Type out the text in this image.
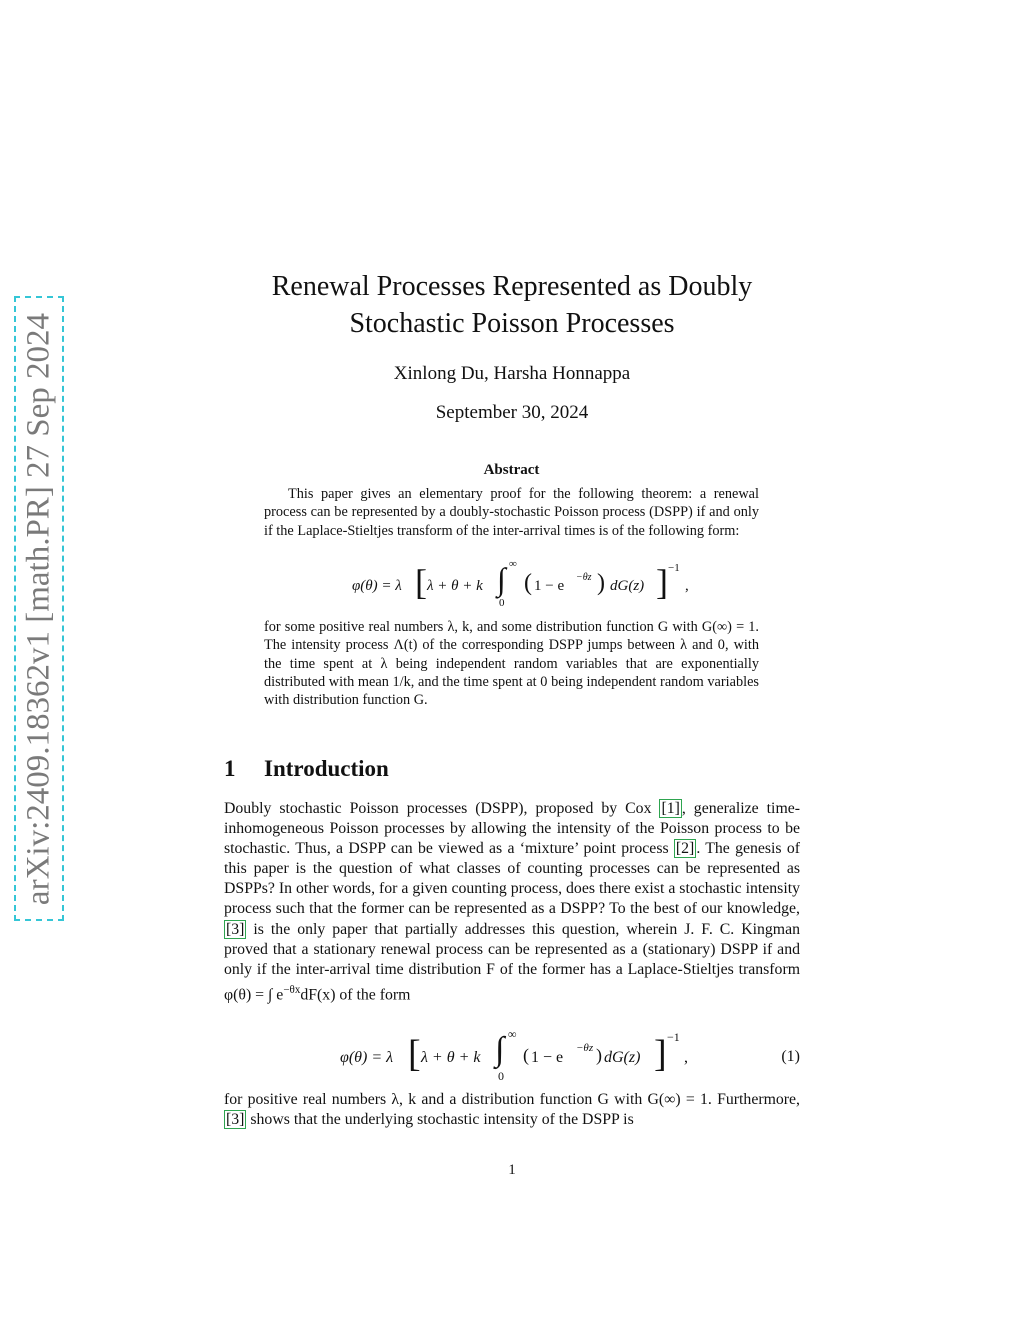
arXiv:2409.18362v1 [math.PR] 27 Sep 2024
Renewal Processes Represented as Doubly
Stochastic Poisson Processes
Xinlong Du, Harsha Honnappa
September 30, 2024
Abstract
This paper gives an elementary proof for the following theorem: a renewal process can be represented by a doubly-stochastic Poisson process (DSPP) if and only if the Laplace-Stieltjes transform of the inter-arrival times is of the following form:
φ(θ) = λ [ λ + θ + k ∫ ∞
0
( 1 − e
−θz ) dG(z) ] −1
,
for some positive real numbers λ, k, and some distribution function G with G(∞) = 1. The intensity process Λ(t) of the corresponding DSPP jumps between λ and 0, with the time spent at λ being independent random variables that are exponentially distributed with mean 1/k, and the time spent at 0 being independent random variables with distribution function G.
1 Introduction
Doubly stochastic Poisson processes (DSPP), proposed by Cox [1] , generalize time-inhomogeneous Poisson processes by allowing the intensity of the Poisson process to be stochastic. Thus, a DSPP can be viewed as a ‘mixture’ point process [2] . The genesis of this paper is the question of what classes of counting processes can be represented as DSPPs? In other words, for a given counting process, does there exist a stochastic intensity process such that the former can be represented as a DSPP? To the best of our knowledge, [3] is the only paper that partially addresses this question, wherein J. F. C. Kingman proved that a stationary renewal process can be represented as a (stationary) DSPP if and only if the inter-arrival time distribution F of the former has a Laplace-Stieltjes transform φ(θ) = ∫ $e^{-\theta x}dF(x)$ of the form
φ(θ) = λ [ λ + θ + k ∫ ∞
0
( 1 − e
−θz ) dG(z) ] −1
,	(1)
for positive real numbers λ, k and a distribution function G with G(∞) = 1. Furthermore, [3] shows that the underlying stochastic intensity of the DSPP is
1
